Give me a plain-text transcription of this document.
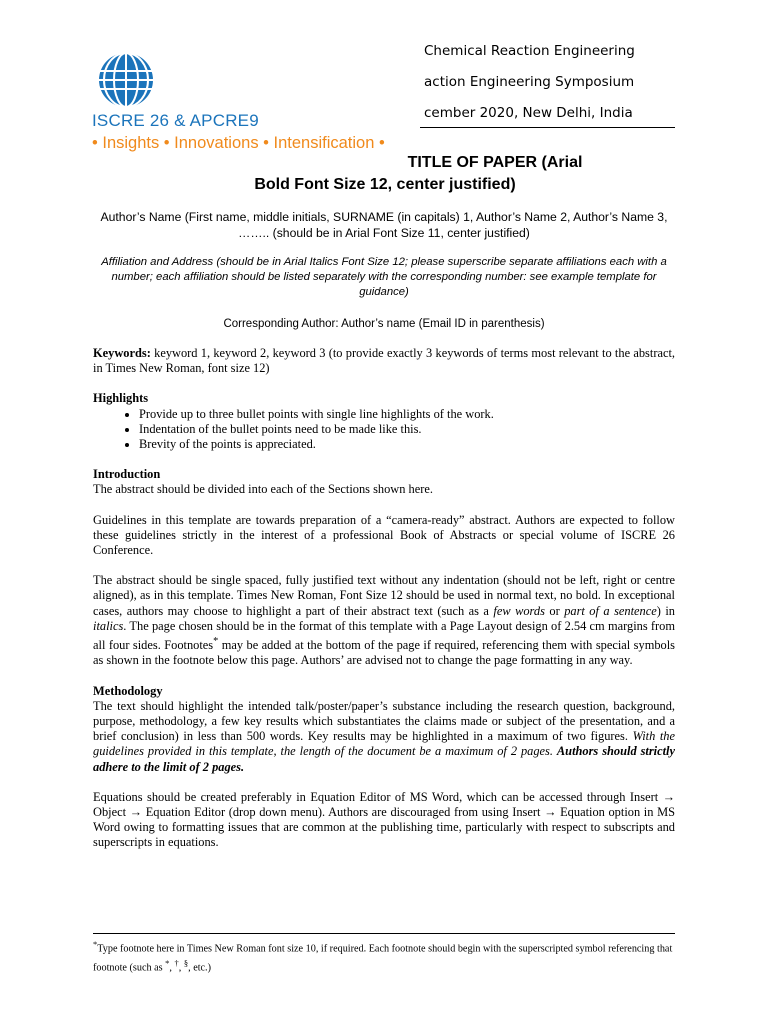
ISCRE 26 & APCRE9
• Insights • Innovations • Intensification •
Chemical Reaction Engineering
action Engineering Symposium
cember 2020, New Delhi, India
TITLE OF PAPER (Arial
Bold Font Size 12, center justified)
Author’s Name (First name, middle initials, SURNAME (in capitals) 1, Author’s Name 2, Author’s Name 3, …….. (should be in Arial Font Size 11, center justified)
Affiliation and Address (should be in Arial Italics Font Size 12; please superscribe separate affiliations each with a number; each affiliation should be listed separately with the corresponding number: see example template for guidance)
Corresponding Author: Author’s name (Email ID in parenthesis)

Keywords: keyword 1, keyword 2, keyword 3 (to provide exactly 3 keywords of terms most relevant to the abstract, in Times New Roman, font size 12)

Highlights
• Provide up to three bullet points with single line highlights of the work.
• Indentation of the bullet points need to be made like this.
• Brevity of the points is appreciated.
Introduction

The abstract should be divided into each of the Sections shown here.

Guidelines in this template are towards preparation of a “camera-ready” abstract. Authors are expected to follow these guidelines strictly in the interest of a professional Book of Abstracts or special volume of ISCRE 26 Conference.

The abstract should be single spaced, fully justified text without any indentation (should not be left, right or centre aligned), as in this template. Times New Roman, Font Size 12 should be used in normal text, no bold. In exceptional cases, authors may choose to highlight a part of their abstract text (such as a few words or part of a sentence) in italics. The page chosen should be in the format of this template with a Page Layout design of 2.54 cm margins from all four sides. Footnotes* may be added at the bottom of the page if required, referencing them with special symbols as shown in the footnote below this page. Authors’ are advised not to change the page formatting in any way.

Methodology

The text should highlight the intended talk/poster/paper’s substance including the research question, background, purpose, methodology, a few key results which substantiates the claims made or subject of the presentation, and a brief conclusion) in less than 500 words. Key results may be highlighted in a maximum of two figures. With the guidelines provided in this template, the length of the document be a maximum of 2 pages. Authors should strictly adhere to the limit of 2 pages.

Equations should be created preferably in Equation Editor of MS Word, which can be accessed through Insert → Object → Equation Editor (drop down menu). Authors are discouraged from using Insert → Equation option in MS Word owing to formatting issues that are common at the publishing time, particularly with respect to subscripts and superscripts in equations.

*Type footnote here in Times New Roman font size 10, if required. Each footnote should begin with the superscripted symbol referencing that footnote (such as *, †, §, etc.)
